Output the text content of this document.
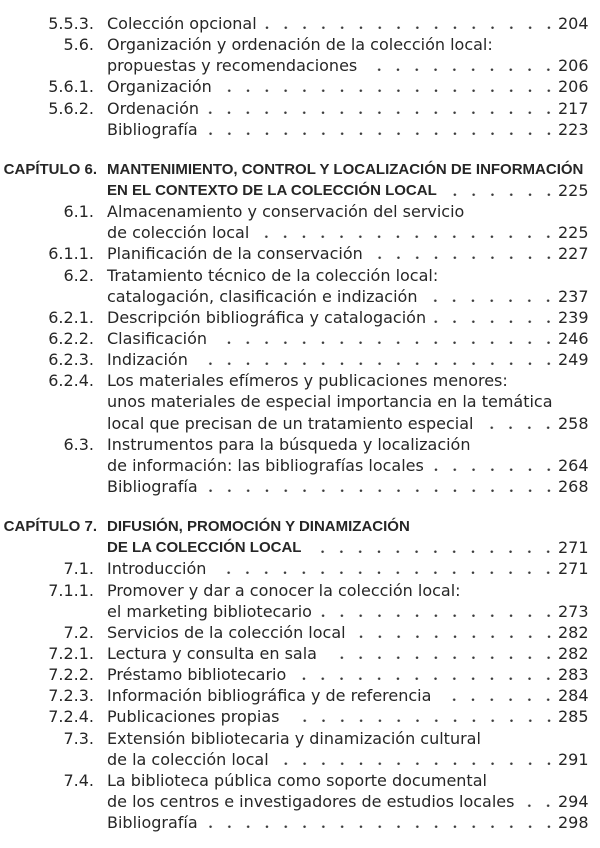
5.5.3. Colección opcional	204
5.6. Organización y ordenación de la colección local:
propuestas y recomendaciones	206
5.6.1. Organización	206
5.6.2. Ordenación	217
Bibliografía	223
CAPÍTULO 6. MANTENIMIENTO, CONTROL Y LOCALIZACIÓN DE INFORMACIÓN
EN EL CONTEXTO DE LA COLECCIÓN LOCAL	225
6.1. Almacenamiento y conservación del servicio
de colección local	225
6.1.1. Planificación de la conservación	227
6.2. Tratamiento técnico de la colección local:
catalogación, clasificación e indización	237
6.2.1. Descripción bibliográfica y catalogación	239
6.2.2. Clasificación	246
6.2.3. Indización	249
6.2.4. Los materiales efímeros y publicaciones menores:
unos materiales de especial importancia en la temática
local que precisan de un tratamiento especial	258
6.3. Instrumentos para la búsqueda y localización
de información: las bibliografías locales	264
Bibliografía	268
CAPÍTULO 7. DIFUSIÓN, PROMOCIÓN Y DINAMIZACIÓN
DE LA COLECCIÓN LOCAL	271
7.1. Introducción	271
7.1.1. Promover y dar a conocer la colección local:
el marketing bibliotecario	273
7.2. Servicios de la colección local	282
7.2.1. Lectura y consulta en sala	282
7.2.2. Préstamo bibliotecario	283
7.2.3. Información bibliográfica y de referencia	284
7.2.4. Publicaciones propias	285
7.3. Extensión bibliotecaria y dinamización cultural
de la colección local	291
7.4. La biblioteca pública como soporte documental
de los centros e investigadores de estudios locales	294
Bibliografía	298
